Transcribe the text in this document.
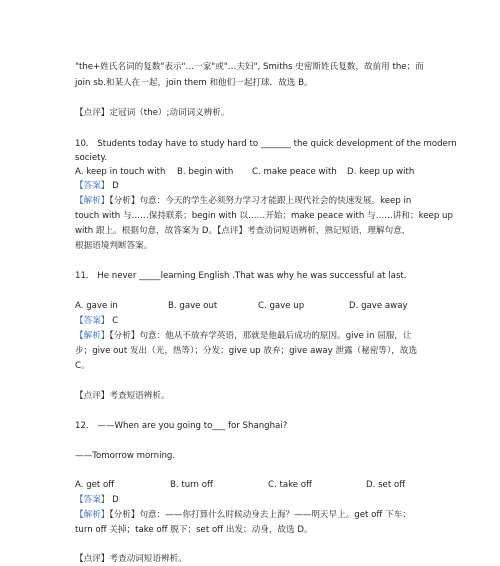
"the+姓氏名词的复数"表示"…一家"或"…夫妇", Smiths 史密斯姓氏复数，故前用 the；而
join sb.和某人在一起，join them 和他们一起打球．故选 B。
【点评】定冠词（the）;动词词义辨析。
10． Students today have to study hard to _______ the quick development of the modern
society.
A. keep in touch with B. begin with C. make peace with D. keep up with
【答案】 D
【解析】【分析】句意：今天的学生必须努力学习才能跟上现代社会的快速发展。keep in
touch with 与……保持联系；begin with 以……开始；make peace with 与……讲和；keep up
with 跟上。根据句意，故答案为 D。【点评】考查动词短语辨析，熟记短语，理解句意，
根据语境判断答案。
11． He never _____learning English .That was why he was successful at last.
A. gave in	B. gave out	C. gave up	D. gave away
【答案】 C
【解析】【分析】句意：他从不放弃学英语，那就是他最后成功的原因。give in 屈服，让
步；give out 发出（光，热等）；分发；give up 放弃；give away 泄露（秘密等），故选
C。
【点评】考查短语辨析。
12． ——When are you going to___ for Shanghai?
——Tomorrow morning.
A. get off	B. turn off	C. take off	D. set off
【答案】 D
【解析】【分析】句意：——你打算什么时候动身去上海？——明天早上。get off 下车；
turn off 关掉；take off 脱下；set off 出发；动身，故选 D。
【点评】考查动词短语辨析。
